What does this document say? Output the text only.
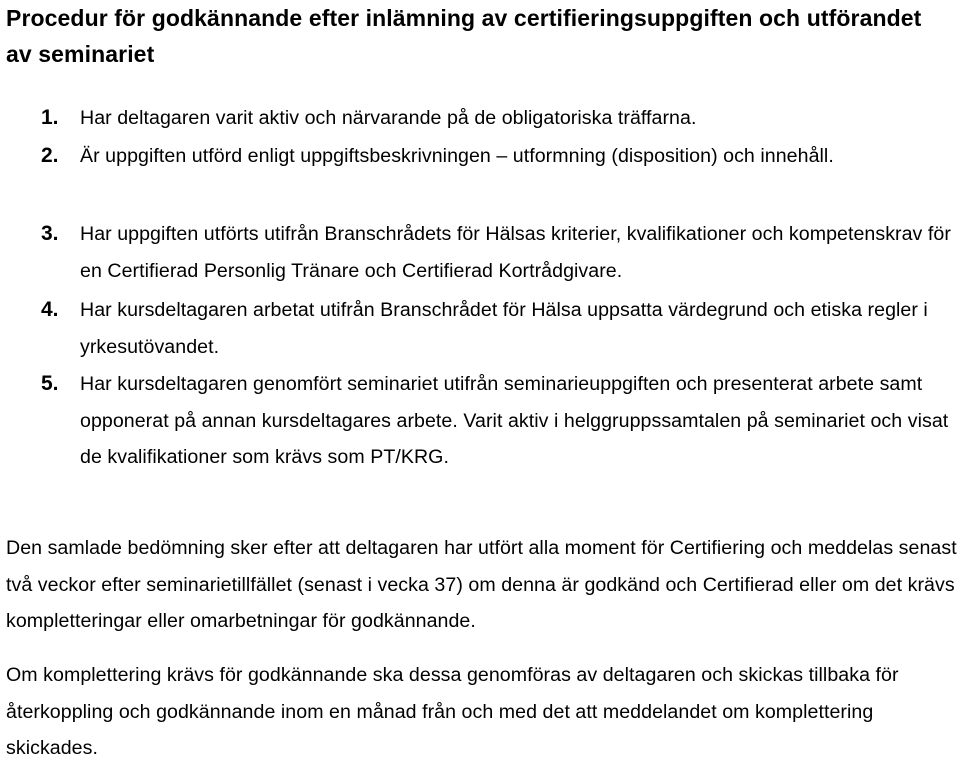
Procedur för godkännande efter inlämning av certifieringsuppgiften och utförandet av seminariet
1. Har deltagaren varit aktiv och närvarande på de obligatoriska träffarna.
2. Är uppgiften utförd enligt uppgiftsbeskrivningen – utformning (disposition) och innehåll.
3. Har uppgiften utförts utifrån Branschrådets för Hälsas kriterier, kvalifikationer och kompetenskrav för en Certifierad Personlig Tränare och Certifierad Kortrådgivare.
4. Har kursdeltagaren arbetat utifrån Branschrådet för Hälsa uppsatta värdegrund och etiska regler i yrkesutövandet.
5. Har kursdeltagaren genomfört seminariet utifrån seminarieuppgiften och presenterat arbete samt opponerat på annan kursdeltagares arbete. Varit aktiv i helggruppssamtalen på seminariet och visat de kvalifikationer som krävs som PT/KRG.
Den samlade bedömning sker efter att deltagaren har utfört alla moment för Certifiering och meddelas senast två veckor efter seminarietillfället (senast i vecka 37) om denna är godkänd och Certifierad eller om det krävs kompletteringar eller omarbetningar för godkännande.
Om komplettering krävs för godkännande ska dessa genomföras av deltagaren och skickas tillbaka för återkoppling och godkännande inom en månad från och med det att meddelandet om komplettering skickades.
